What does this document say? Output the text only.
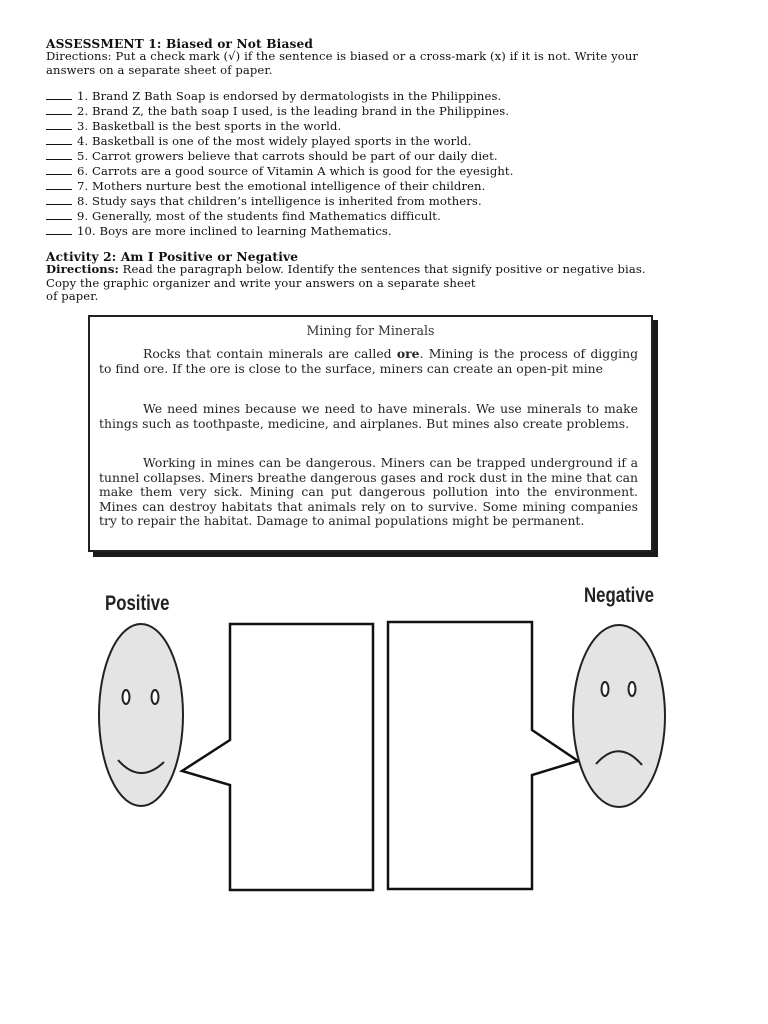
ASSESSMENT 1: Biased or Not Biased
Directions: Put a check mark (√) if the sentence is biased or a cross-mark (x) if it is not. Write your
answers on a separate sheet of paper.
1. Brand Z Bath Soap is endorsed by dermatologists in the Philippines.
2. Brand Z, the bath soap I used, is the leading brand in the Philippines.
3. Basketball is the best sports in the world.
4. Basketball is one of the most widely played sports in the world.
5. Carrot growers believe that carrots should be part of our daily diet.
6. Carrots are a good source of Vitamin A which is good for the eyesight.
7. Mothers nurture best the emotional intelligence of their children.
8. Study says that children’s intelligence is inherited from mothers.
9. Generally, most of the students find Mathematics difficult.
10. Boys are more inclined to learning Mathematics.
Activity 2: Am I Positive or Negative
Directions: Read the paragraph below. Identify the sentences that signify positive or negative bias.
Copy the graphic organizer and write your answers on a separate sheet
of paper.
Mining for Minerals
Rocks that contain minerals are called ore. Mining is the process of digging to find ore. If the ore is close to the surface, miners can create an open-pit mine
We need mines because we need to have minerals. We use minerals to make things such as toothpaste, medicine, and airplanes. But mines also create problems.
Working in mines can be dangerous. Miners can be trapped underground if a tunnel collapses. Miners breathe dangerous gases and rock dust in the mine that can make them very sick. Mining can put dangerous pollution into the environment. Mines can destroy habitats that animals rely on to survive. Some mining companies try to repair the habitat. Damage to animal populations might be permanent.
Positive	Negative
